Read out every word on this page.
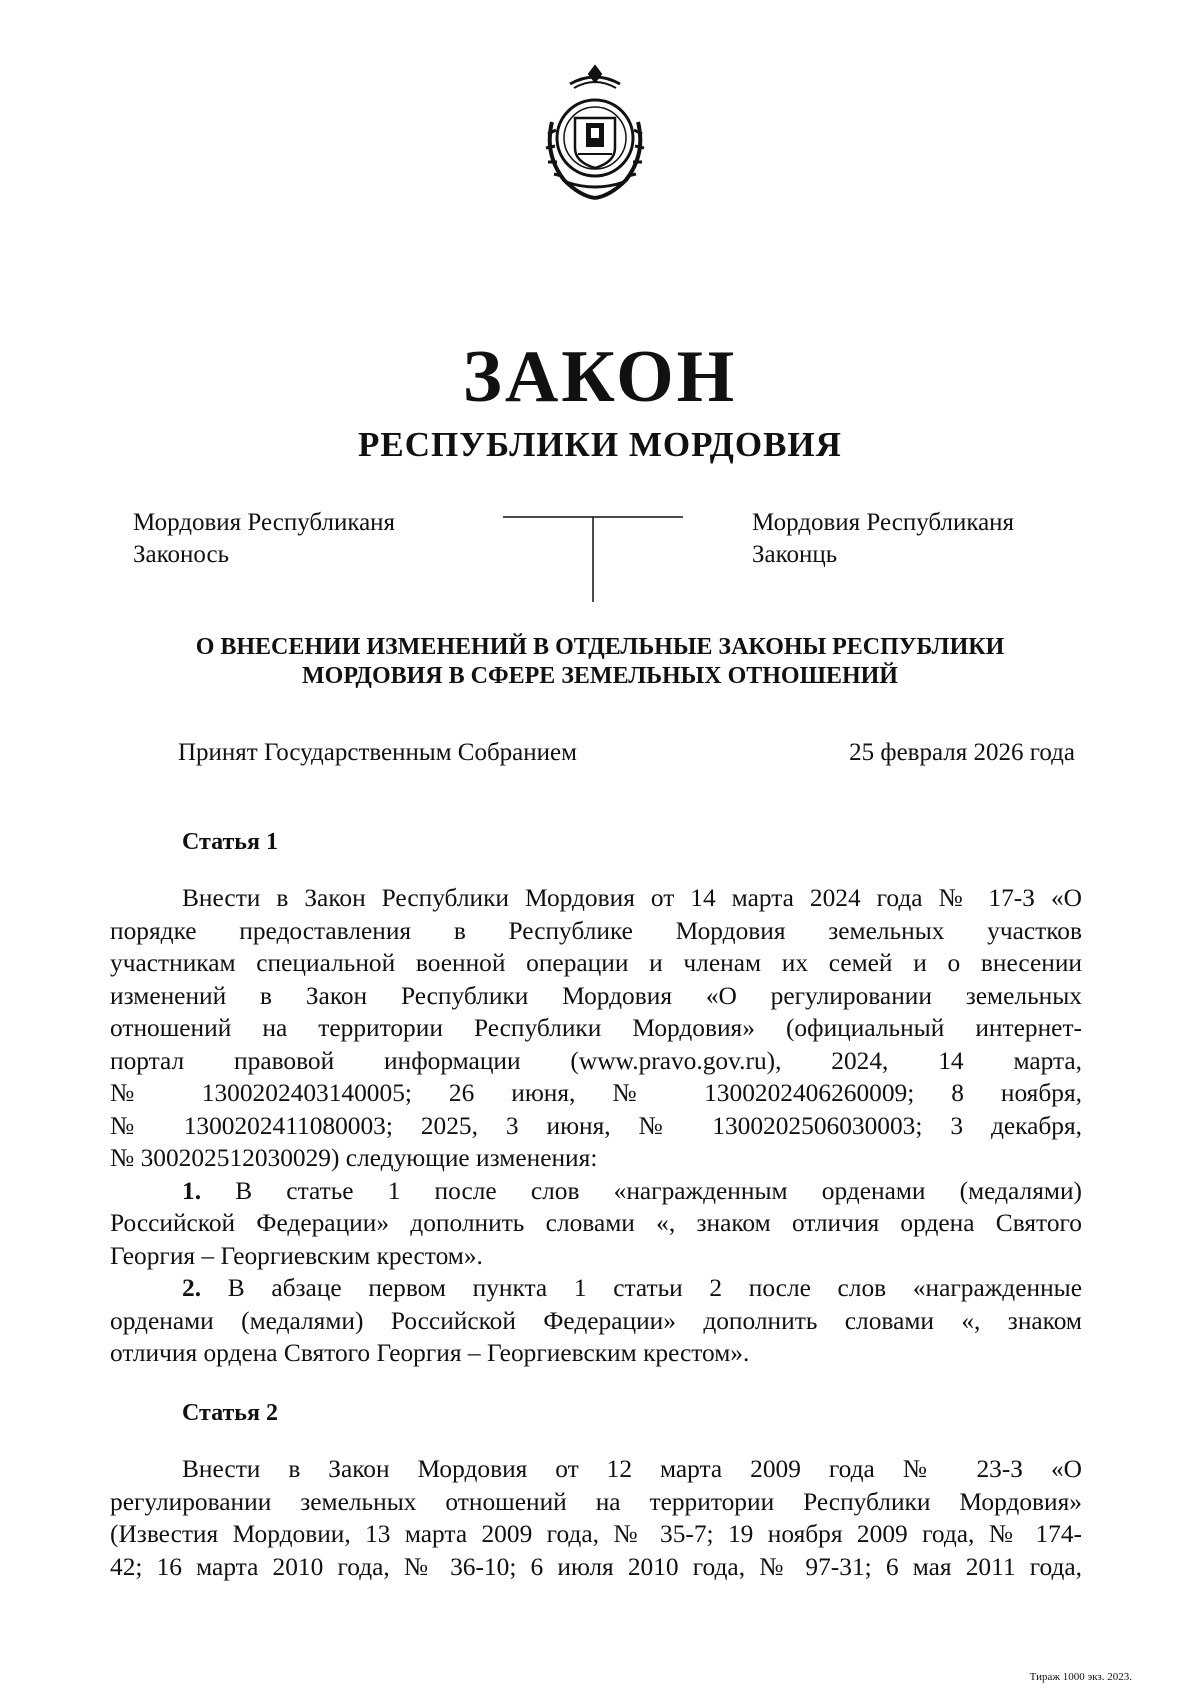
ЗАКОН
РЕСПУБЛИКИ МОРДОВИЯ
Мордовия Республиканя
Законось
Мордовия Республиканя
Законць
О ВНЕСЕНИИ ИЗМЕНЕНИЙ В ОТДЕЛЬНЫЕ ЗАКОНЫ РЕСПУБЛИКИ
МОРДОВИЯ В СФЕРЕ ЗЕМЕЛЬНЫХ ОТНОШЕНИЙ
Принят Государственным Собранием	25 февраля 2026 года
Статья 1
Внести в Закон Республики Мордовия от 14 марта 2024 года № 17-З «О
порядке предоставления в Республике Мордовия земельных участков
участникам специальной военной операции и членам их семей и о внесении
изменений в Закон Республики Мордовия «О регулировании земельных
отношений на территории Республики Мордовия» (официальный интернет-
портал правовой информации (www.pravo.gov.ru), 2024, 14 марта,
№ 1300202403140005; 26 июня, № 1300202406260009; 8 ноября,
№ 1300202411080003; 2025, 3 июня, № 1300202506030003; 3 декабря,
№ 300202512030029) следующие изменения:
1. В статье 1 после слов «награжденным орденами (медалями)
Российской Федерации» дополнить словами «, знаком отличия ордена Святого
Георгия – Георгиевским крестом».
2. В абзаце первом пункта 1 статьи 2 после слов «награжденные
орденами (медалями) Российской Федерации» дополнить словами «, знаком
отличия ордена Святого Георгия – Георгиевским крестом».
Статья 2
Внести в Закон Мордовия от 12 марта 2009 года № 23-З «О
регулировании земельных отношений на территории Республики Мордовия»
(Известия Мордовии, 13 марта 2009 года, № 35-7; 19 ноября 2009 года, № 174-
42; 16 марта 2010 года, № 36-10; 6 июля 2010 года, № 97-31; 6 мая 2011 года,
Тираж 1000 экз. 2023.
